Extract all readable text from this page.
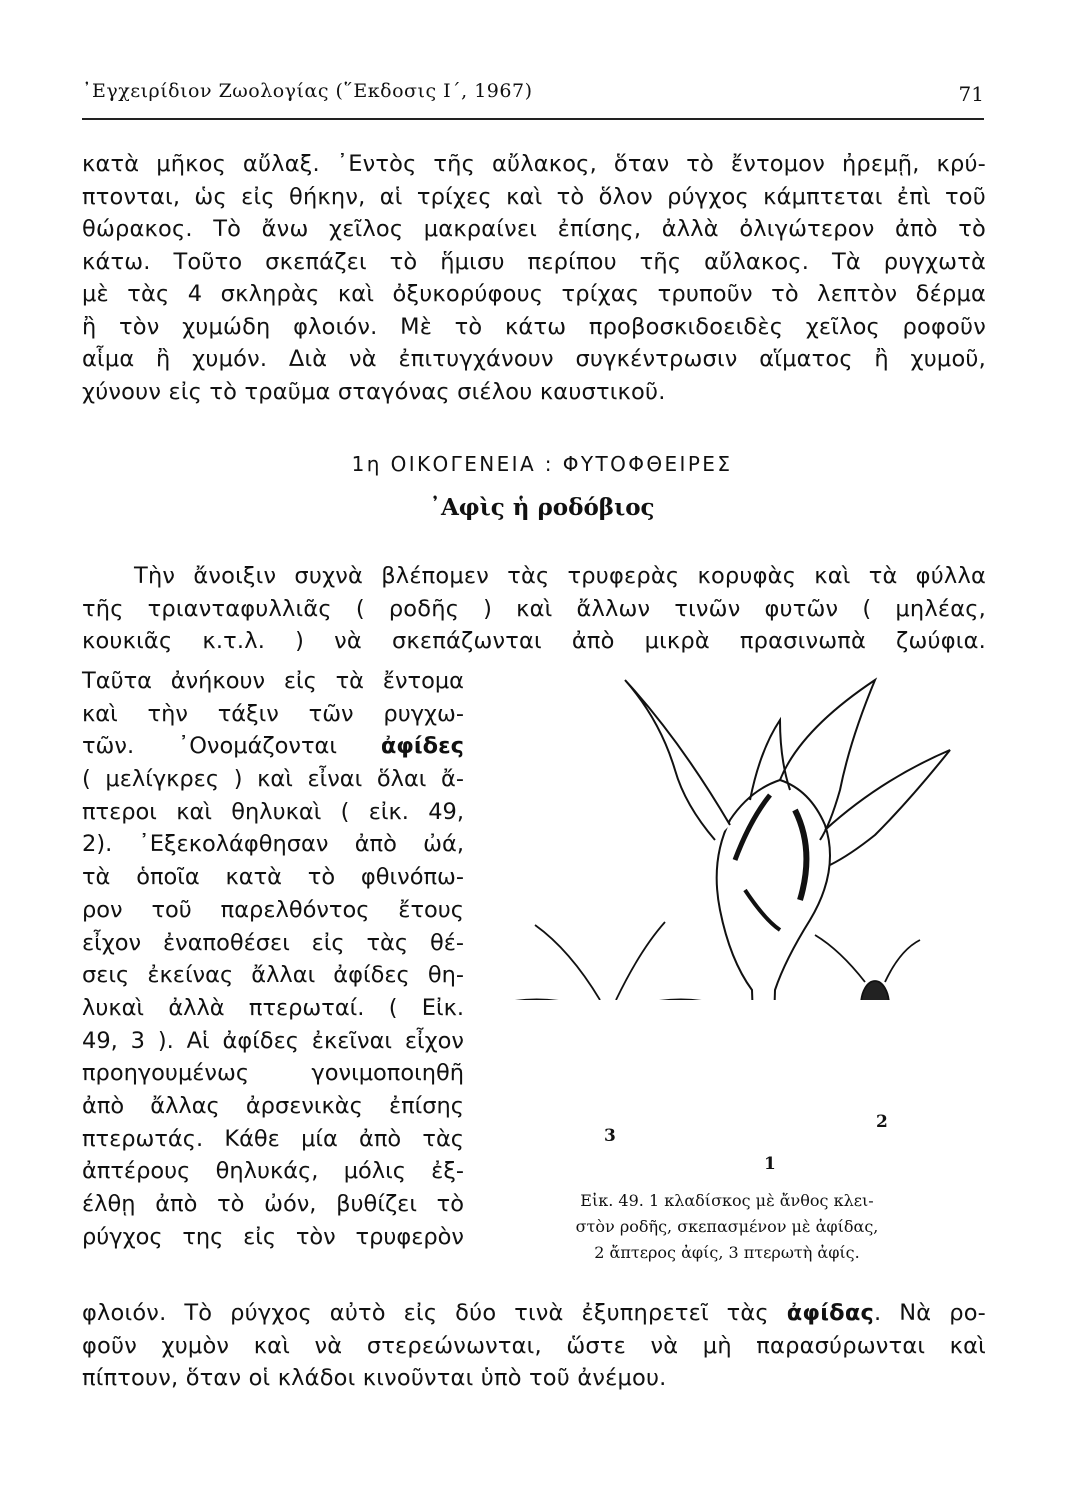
᾿Εγχειρίδιον Ζωολογίας (῞Εκδοσις Ι΄, 1967)	71
κατὰ μῆκος αὔλαξ. ᾿Εντὸς τῆς αὔλακος, ὅταν τὸ ἔντομον ἠρεμῇ, κρύ-
πτονται, ὡς εἰς θήκην, αἱ τρίχες καὶ τὸ ὅλον ρύγχος κάμπτεται ἐπὶ τοῦ
θώρακος. Τὸ ἄνω χεῖλος μακραίνει ἐπίσης, ἀλλὰ ὀλιγώτερον ἀπὸ τὸ
κάτω. Τοῦτο σκεπάζει τὸ ἥμισυ περίπου τῆς αὔλακος. Τὰ ρυγχωτὰ
μὲ τὰς 4 σκληρὰς καὶ ὀξυκορύφους τρίχας τρυποῦν τὸ λεπτὸν δέρμα
ἢ τὸν χυμώδη φλοιόν. Μὲ τὸ κάτω προβοσκιδοειδὲς χεῖλος ροφοῦν
αἷμα ἢ χυμόν. Διὰ νὰ ἐπιτυγχάνουν συγκέντρωσιν αἵματος ἢ χυμοῦ,
χύνουν εἰς τὸ τραῦμα σταγόνας σιέλου καυστικοῦ.
1η ΟΙΚΟΓΕΝΕΙΑ : ΦΥΤΟΦΘΕΙΡΕΣ
᾿Αφὶς ἡ ροδόβιος
Τὴν ἄνοιξιν συχνὰ βλέπομεν τὰς τρυφερὰς κορυφὰς καὶ τὰ φύλλα
τῆς τριανταφυλλιᾶς ( ροδῆς ) καὶ ἄλλων τινῶν φυτῶν ( μηλέας,
κουκιᾶς κ.τ.λ. ) νὰ σκεπάζωνται ἀπὸ μικρὰ πρασινωπὰ ζωύφια.
Ταῦτα ἀνήκουν εἰς τὰ ἔντομα
καὶ τὴν τάξιν τῶν ρυγχω-
τῶν. ᾿Ονομάζονται ἀφίδες
( μελίγκρες ) καὶ εἶναι ὅλαι ἄ-
πτεροι καὶ θηλυκαὶ ( εἰκ. 49,
2). ᾿Εξεκολάφθησαν ἀπὸ ὠά,
τὰ ὁποῖα κατὰ τὸ φθινόπω-
ρον τοῦ παρελθόντος ἔτους
εἶχον ἐναποθέσει εἰς τὰς θέ-
σεις ἐκείνας ἄλλαι ἀφίδες θη-
λυκαὶ ἀλλὰ πτερωταί. ( Εἰκ.
49, 3 ). Αἱ ἀφίδες ἐκεῖναι εἶχον
προηγουμένως γονιμοποιηθῆ
ἀπὸ ἄλλας ἀρσενικὰς ἐπίσης
πτερωτάς. Κάθε μία ἀπὸ τὰς
ἀπτέρους θηλυκάς, μόλις ἐξ-
έλθῃ ἀπὸ τὸ ὠόν, βυθίζει τὸ
ρύγχος της εἰς τὸν τρυφερὸν
3
1
2
Εἰκ. 49. 1 κλαδίσκος μὲ ἄνθος κλει-
στὸν ροδῆς, σκεπασμένον μὲ ἀφίδας,
2 ἄπτερος ἀφίς, 3 πτερωτὴ ἀφίς.
φλοιόν. Τὸ ρύγχος αὐτὸ εἰς δύο τινὰ ἐξυπηρετεῖ τὰς ἀφίδας. Νὰ ρο-
φοῦν χυμὸν καὶ νὰ στερεώνωνται, ὥστε νὰ μὴ παρασύρωνται καὶ
πίπτουν, ὅταν οἱ κλάδοι κινοῦνται ὑπὸ τοῦ ἀνέμου.
